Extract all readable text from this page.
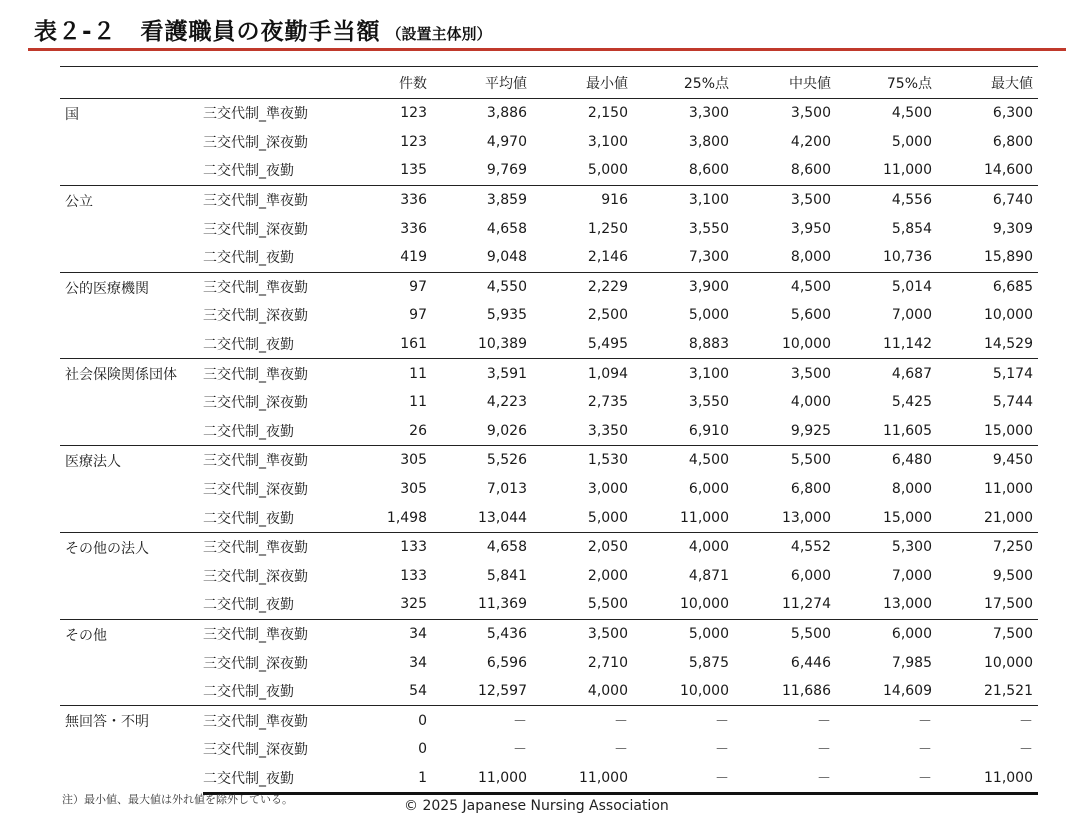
表２-２　看護職員の夜勤手当額 （設置主体別）
		件数	平均値	最小値	25%点	中央値	75%点	最大値
国	三交代制_準夜勤	123	3,886	2,150	3,300	3,500	4,500	6,300
	三交代制_深夜勤	123	4,970	3,100	3,800	4,200	5,000	6,800
	二交代制_夜勤	135	9,769	5,000	8,600	8,600	11,000	14,600
公立	三交代制_準夜勤	336	3,859	916	3,100	3,500	4,556	6,740
	三交代制_深夜勤	336	4,658	1,250	3,550	3,950	5,854	9,309
	二交代制_夜勤	419	9,048	2,146	7,300	8,000	10,736	15,890
公的医療機関	三交代制_準夜勤	97	4,550	2,229	3,900	4,500	5,014	6,685
	三交代制_深夜勤	97	5,935	2,500	5,000	5,600	7,000	10,000
	二交代制_夜勤	161	10,389	5,495	8,883	10,000	11,142	14,529
社会保険関係団体	三交代制_準夜勤	11	3,591	1,094	3,100	3,500	4,687	5,174
	三交代制_深夜勤	11	4,223	2,735	3,550	4,000	5,425	5,744
	二交代制_夜勤	26	9,026	3,350	6,910	9,925	11,605	15,000
医療法人	三交代制_準夜勤	305	5,526	1,530	4,500	5,500	6,480	9,450
	三交代制_深夜勤	305	7,013	3,000	6,000	6,800	8,000	11,000
	二交代制_夜勤	1,498	13,044	5,000	11,000	13,000	15,000	21,000
その他の法人	三交代制_準夜勤	133	4,658	2,050	4,000	4,552	5,300	7,250
	三交代制_深夜勤	133	5,841	2,000	4,871	6,000	7,000	9,500
	二交代制_夜勤	325	11,369	5,500	10,000	11,274	13,000	17,500
その他	三交代制_準夜勤	34	5,436	3,500	5,000	5,500	6,000	7,500
	三交代制_深夜勤	34	6,596	2,710	5,875	6,446	7,985	10,000
	二交代制_夜勤	54	12,597	4,000	10,000	11,686	14,609	21,521
無回答・不明	三交代制_準夜勤	0	－	－	－	－	－	－
	三交代制_深夜勤	0	－	－	－	－	－	－
	二交代制_夜勤	1	11,000	11,000	－	－	－	11,000
注）最小値、最大値は外れ値を除外している。	© 2025 Japanese Nursing Association
